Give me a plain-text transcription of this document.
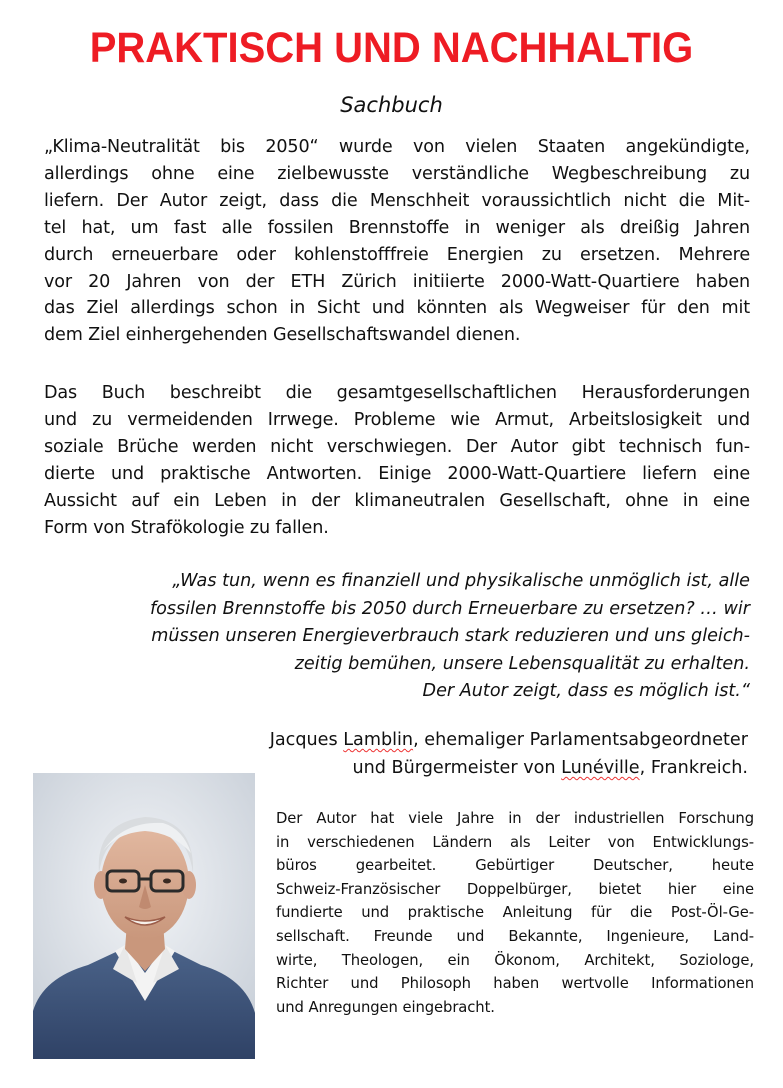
PRAKTISCH UND NACHHALTIG
Sachbuch
„Klima-Neutralität bis 2050“ wurde von vielen Staaten angekündigte,
allerdings ohne eine zielbewusste verständliche Wegbeschreibung zu
liefern. Der Autor zeigt, dass die Menschheit voraussichtlich nicht die Mit-
tel hat, um fast alle fossilen Brennstoffe in weniger als dreißig Jahren
durch erneuerbare oder kohlenstofffreie Energien zu ersetzen. Mehrere
vor 20 Jahren von der ETH Zürich initiierte 2000-Watt-Quartiere haben
das Ziel allerdings schon in Sicht und könnten als Wegweiser für den mit
dem Ziel einhergehenden Gesellschaftswandel dienen.
Das Buch beschreibt die gesamtgesellschaftlichen Herausforderungen
und zu vermeidenden Irrwege. Probleme wie Armut, Arbeitslosigkeit und
soziale Brüche werden nicht verschwiegen. Der Autor gibt technisch fun-
dierte und praktische Antworten. Einige 2000-Watt-Quartiere liefern eine
Aussicht auf ein Leben in der klimaneutralen Gesellschaft, ohne in eine
Form von Strafökologie zu fallen.
„Was tun, wenn es finanziell und physikalische unmöglich ist, alle
fossilen Brennstoffe bis 2050 durch Erneuerbare zu ersetzen? … wir
müssen unseren Energieverbrauch stark reduzieren und uns gleich-
zeitig bemühen, unsere Lebensqualität zu erhalten.
Der Autor zeigt, dass es möglich ist.“
Jacques Lamblin, ehemaliger Parlamentsabgeordneter
und Bürgermeister von Lunéville, Frankreich.
Der Autor hat viele Jahre in der industriellen Forschung
in verschiedenen Ländern als Leiter von Entwicklungs-
büros gearbeitet. Gebürtiger Deutscher, heute
Schweiz-Französischer Doppelbürger, bietet hier eine
fundierte und praktische Anleitung für die Post-Öl-Ge-
sellschaft. Freunde und Bekannte, Ingenieure, Land-
wirte, Theologen, ein Ökonom, Architekt, Soziologe,
Richter und Philosoph haben wertvolle Informationen
und Anregungen eingebracht.
